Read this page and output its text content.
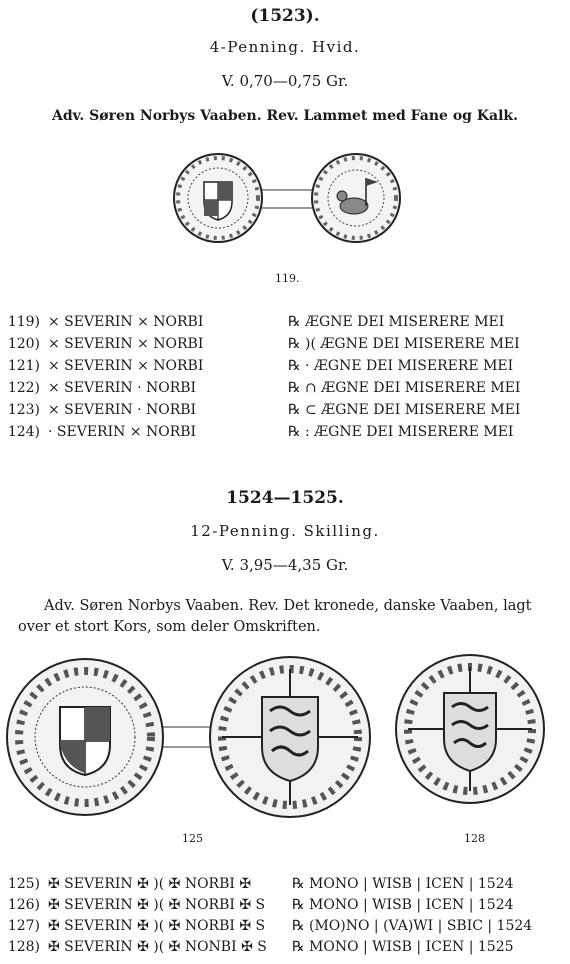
(1523).
4-Penning. Hvid.
V. 0,70—0,75 Gr.
Adv. Søren Norbys Vaaben. Rev. Lammet med Fane og Kalk.
119.
119) × SEVERIN × NORBI	℞ ÆGNE DEI MISERERE MEI
120) × SEVERIN × NORBI	℞ )( ÆGNE DEI MISERERE MEI
121) × SEVERIN × NORBI	℞ · ÆGNE DEI MISERERE MEI
122) × SEVERIN · NORBI	℞ ∩ ÆGNE DEI MISERERE MEI
123) × SEVERIN · NORBI	℞ ⊂ ÆGNE DEI MISERERE MEI
124) · SEVERIN × NORBI	℞ : ÆGNE DEI MISERERE MEI
1524—1525.
12-Penning. Skilling.
V. 3,95—4,35 Gr.
Adv. Søren Norbys Vaaben. Rev. Det kronede, danske Vaaben, lagt
over et stort Kors, som deler Omskriften.
125	128
125) ✠ SEVERIN ✠ )( ✠ NORBI ✠	℞ MONO | WISB | ICEN | 1524
126) ✠ SEVERIN ✠ )( ✠ NORBI ✠ S ℞ MONO | WISB | ICEN | 1524
127) ✠ SEVERIN ✠ )( ✠ NORBI ✠ S ℞ (MO)NO | (VA)WI | SBIC | 1524
128) ✠ SEVERIN ✠ )( ✠ NONBI ✠ S ℞ MONO | WISB | ICEN | 1525
